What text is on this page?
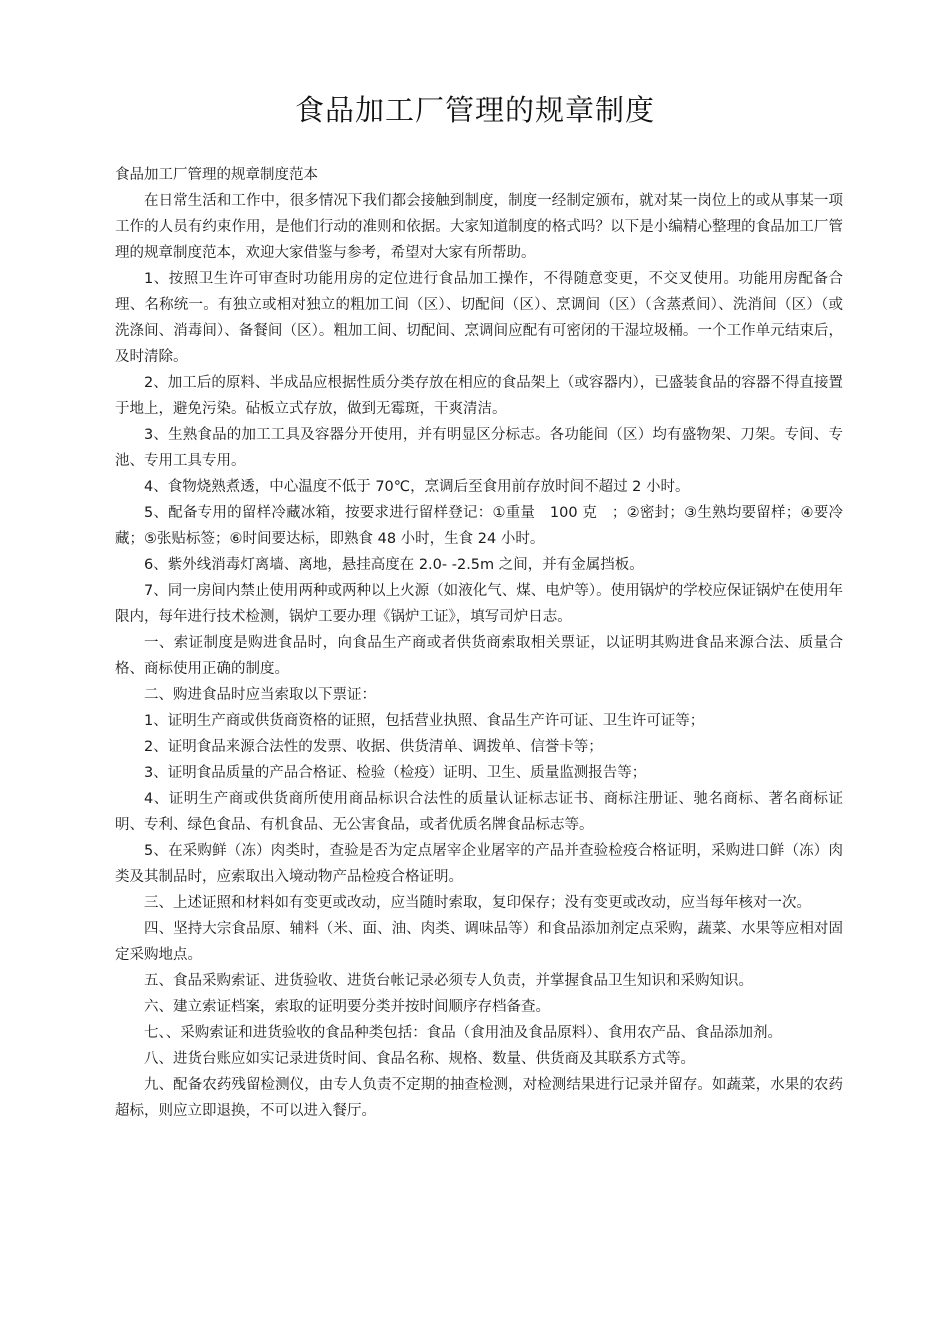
食品加工厂管理的规章制度

食品加工厂管理的规章制度范本

在日常生活和工作中，很多情况下我们都会接触到制度，制度一经制定颁布，就对某一岗位上的或从事某一项工作的人员有约束作用，是他们行动的准则和依据。大家知道制度的格式吗？以下是小编精心整理的食品加工厂管理的规章制度范本，欢迎大家借鉴与参考，希望对大家有所帮助。

1、按照卫生许可审查时功能用房的定位进行食品加工操作，不得随意变更，不交叉使用。功能用房配备合理、名称统一。有独立或相对独立的粗加工间（区）、切配间（区）、烹调间（区）（含蒸煮间）、洗消间（区）（或洗涤间、消毒间）、备餐间（区）。粗加工间、切配间、烹调间应配有可密闭的干湿垃圾桶。一个工作单元结束后，及时清除。

2、加工后的原料、半成品应根据性质分类存放在相应的食品架上（或容器内），已盛装食品的容器不得直接置于地上，避免污染。砧板立式存放，做到无霉斑，干爽清洁。

3、生熟食品的加工工具及容器分开使用，并有明显区分标志。各功能间（区）均有盛物架、刀架。专间、专池、专用工具专用。

4、食物烧熟煮透，中心温度不低于 70℃，烹调后至食用前存放时间不超过 2 小时。

5、配备专用的留样冷藏冰箱，按要求进行留样登记：①重量　100 克　；②密封；③生熟均要留样；④要冷藏；⑤张贴标签；⑥时间要达标，即熟食 48 小时，生食 24 小时。

6、紫外线消毒灯离墙、离地，悬挂高度在 2.0- -2.5m 之间，并有金属挡板。

7、同一房间内禁止使用两种或两种以上火源（如液化气、煤、电炉等）。使用锅炉的学校应保证锅炉在使用年限内，每年进行技术检测，锅炉工要办理《锅炉工证》，填写司炉日志。

一、索证制度是购进食品时，向食品生产商或者供货商索取相关票证，以证明其购进食品来源合法、质量合格、商标使用正确的制度。

二、购进食品时应当索取以下票证：

1、证明生产商或供货商资格的证照，包括营业执照、食品生产许可证、卫生许可证等；

2、证明食品来源合法性的发票、收据、供货清单、调拨单、信誉卡等；

3、证明食品质量的产品合格证、检验（检疫）证明、卫生、质量监测报告等；

4、证明生产商或供货商所使用商品标识合法性的质量认证标志证书、商标注册证、驰名商标、著名商标证明、专利、绿色食品、有机食品、无公害食品，或者优质名牌食品标志等。

5、在采购鲜（冻）肉类时，查验是否为定点屠宰企业屠宰的产品并查验检疫合格证明，采购进口鲜（冻）肉类及其制品时，应索取出入境动物产品检疫合格证明。

三、上述证照和材料如有变更或改动，应当随时索取，复印保存；没有变更或改动，应当每年核对一次。

四、坚持大宗食品原、辅料（米、面、油、肉类、调味品等）和食品添加剂定点采购，蔬菜、水果等应相对固定采购地点。

五、食品采购索证、进货验收、进货台帐记录必须专人负责，并掌握食品卫生知识和采购知识。

六、建立索证档案，索取的证明要分类并按时间顺序存档备查。

七、、采购索证和进货验收的食品种类包括：食品（食用油及食品原料）、食用农产品、食品添加剂。

八、进货台账应如实记录进货时间、食品名称、规格、数量、供货商及其联系方式等。

九、配备农药残留检测仪，由专人负责不定期的抽查检测，对检测结果进行记录并留存。如蔬菜，水果的农药超标，则应立即退换，不可以进入餐厅。
